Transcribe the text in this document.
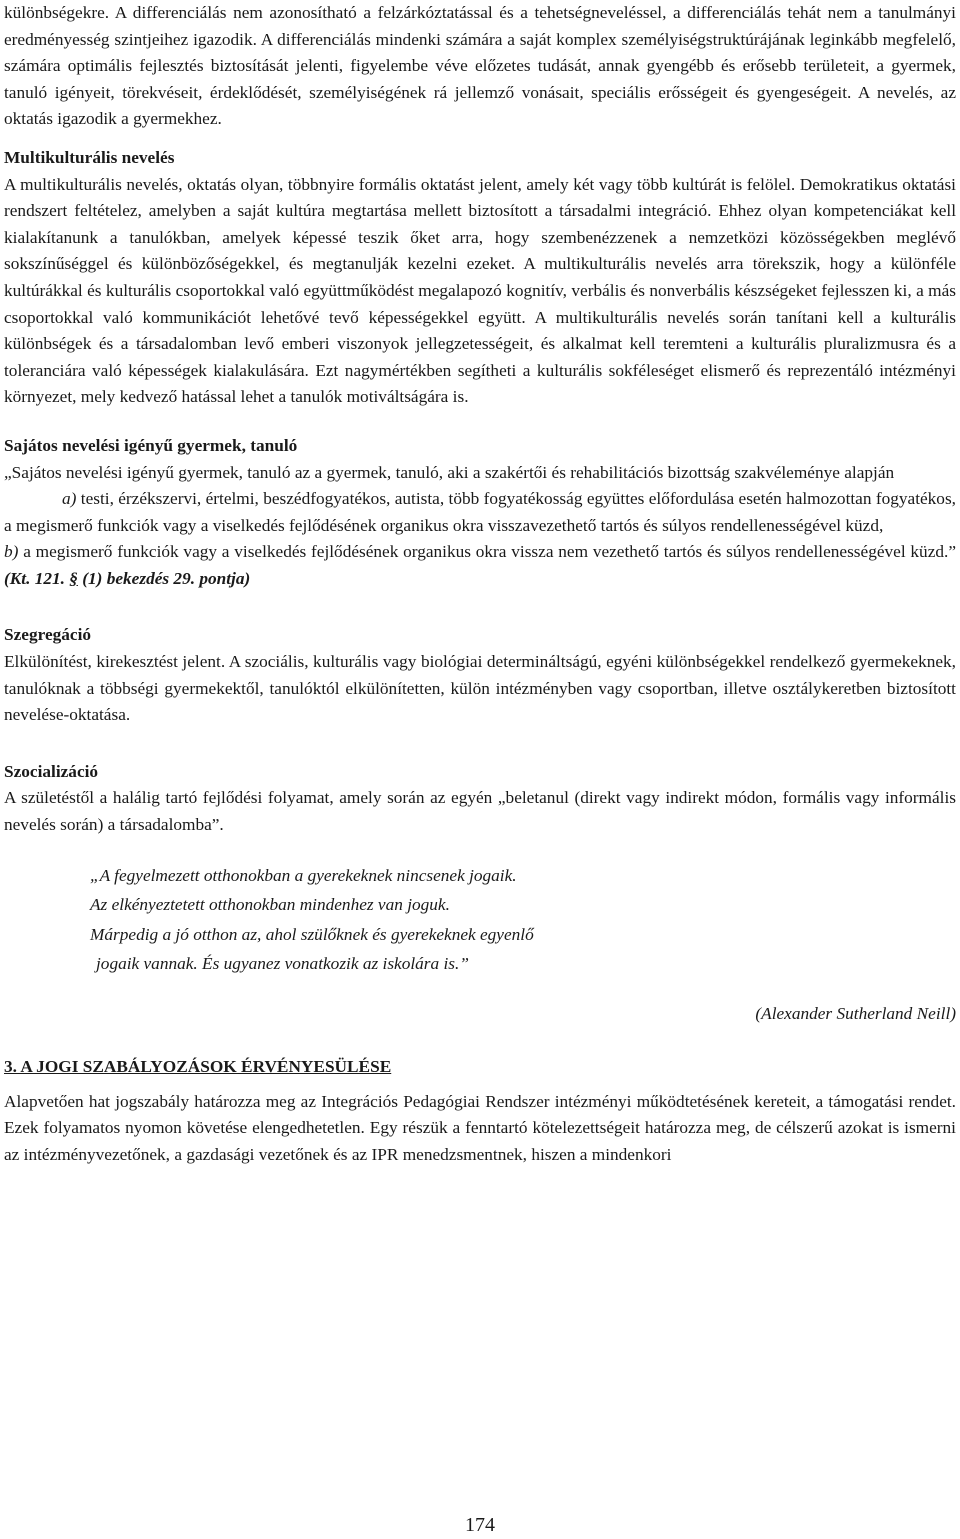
különbségekre. A differenciálás nem azonosítható a felzárkóztatással és a tehetségneveléssel, a differenciálás tehát nem a tanulmányi eredményesség szintjeihez igazodik. A differenciálás mindenki számára a saját komplex személyiségstruktúrájának leginkább megfelelő, számára optimális fejlesztés biztosítását jelenti, figyelembe véve előzetes tudását, annak gyengébb és erősebb területeit, a gyermek, tanuló igényeit, törekvéseit, érdeklődését, személyiségének rá jellemző vonásait, speciális erősségeit és gyengeségeit. A nevelés, az oktatás igazodik a gyermekhez.

Multikulturális nevelés

A multikulturális nevelés, oktatás olyan, többnyire formális oktatást jelent, amely két vagy több kultúrát is felölel. Demokratikus oktatási rendszert feltételez, amelyben a saját kultúra megtartása mellett biztosított a társadalmi integráció. Ehhez olyan kompetenciákat kell kialakítanunk a tanulókban, amelyek képessé teszik őket arra, hogy szembenézzenek a nemzetközi közösségekben meglévő sokszínűséggel és különbözőségekkel, és megtanulják kezelni ezeket. A multikulturális nevelés arra törekszik, hogy a különféle kultúrákkal és kulturális csoportokkal való együttműködést megalapozó kognitív, verbális és nonverbális készségeket fejlesszen ki, a más csoportokkal való kommunikációt lehetővé tevő képességekkel együtt. A multikulturális nevelés során tanítani kell a kulturális különbségek és a társadalomban levő emberi viszonyok jellegzetességeit, és alkalmat kell teremteni a kulturális pluralizmusra és a toleranciára való képességek kialakulására. Ezt nagymértékben segítheti a kulturális sokféleséget elismerő és reprezentáló intézményi környezet, mely kedvező hatással lehet a tanulók motiváltságára is.

Sajátos nevelési igényű gyermek, tanuló

„Sajátos nevelési igényű gyermek, tanuló az a gyermek, tanuló, aki a szakértői és rehabilitációs bizottság szakvéleménye alapján

a) testi, érzékszervi, értelmi, beszédfogyatékos, autista, több fogyatékosság együttes előfordulása esetén halmozottan fogyatékos, a megismerő funkciók vagy a viselkedés fejlődésének organikus okra visszavezethető tartós és súlyos rendellenességével küzd,

b) a megismerő funkciók vagy a viselkedés fejlődésének organikus okra vissza nem vezethető tartós és súlyos rendellenességével küzd.” (Kt. 121. § (1) bekezdés 29. pontja)

Szegregáció

Elkülönítést, kirekesztést jelent. A szociális, kulturális vagy biológiai determináltságú, egyéni különbségekkel rendelkező gyermekeknek, tanulóknak a többségi gyermekektől, tanulóktól elkülönítetten, külön intézményben vagy csoportban, illetve osztálykeretben biztosított nevelése-oktatása.

Szocializáció

A születéstől a halálig tartó fejlődési folyamat, amely során az egyén „beletanul (direkt vagy indirekt módon, formális vagy informális nevelés során) a társadalomba”.

„A fegyelmezett otthonokban a gyerekeknek nincsenek jogaik.
Az elkényeztetett otthonokban mindenhez van joguk.
Márpedig a jó otthon az, ahol szülőknek és gyerekeknek egyenlő
jogaik vannak. És ugyanez vonatkozik az iskolára is.”
(Alexander Sutherland Neill)
3. A JOGI SZABÁLYOZÁSOK ÉRVÉNYESÜLÉSE

Alapvetően hat jogszabály határozza meg az Integrációs Pedagógiai Rendszer intézményi működtetésének kereteit, a támogatási rendet. Ezek folyamatos nyomon követése elengedhetetlen. Egy részük a fenntartó kötelezettségeit határozza meg, de célszerű azokat is ismerni az intézményvezetőnek, a gazdasági vezetőnek és az IPR menedzsmentnek, hiszen a mindenkori

174
